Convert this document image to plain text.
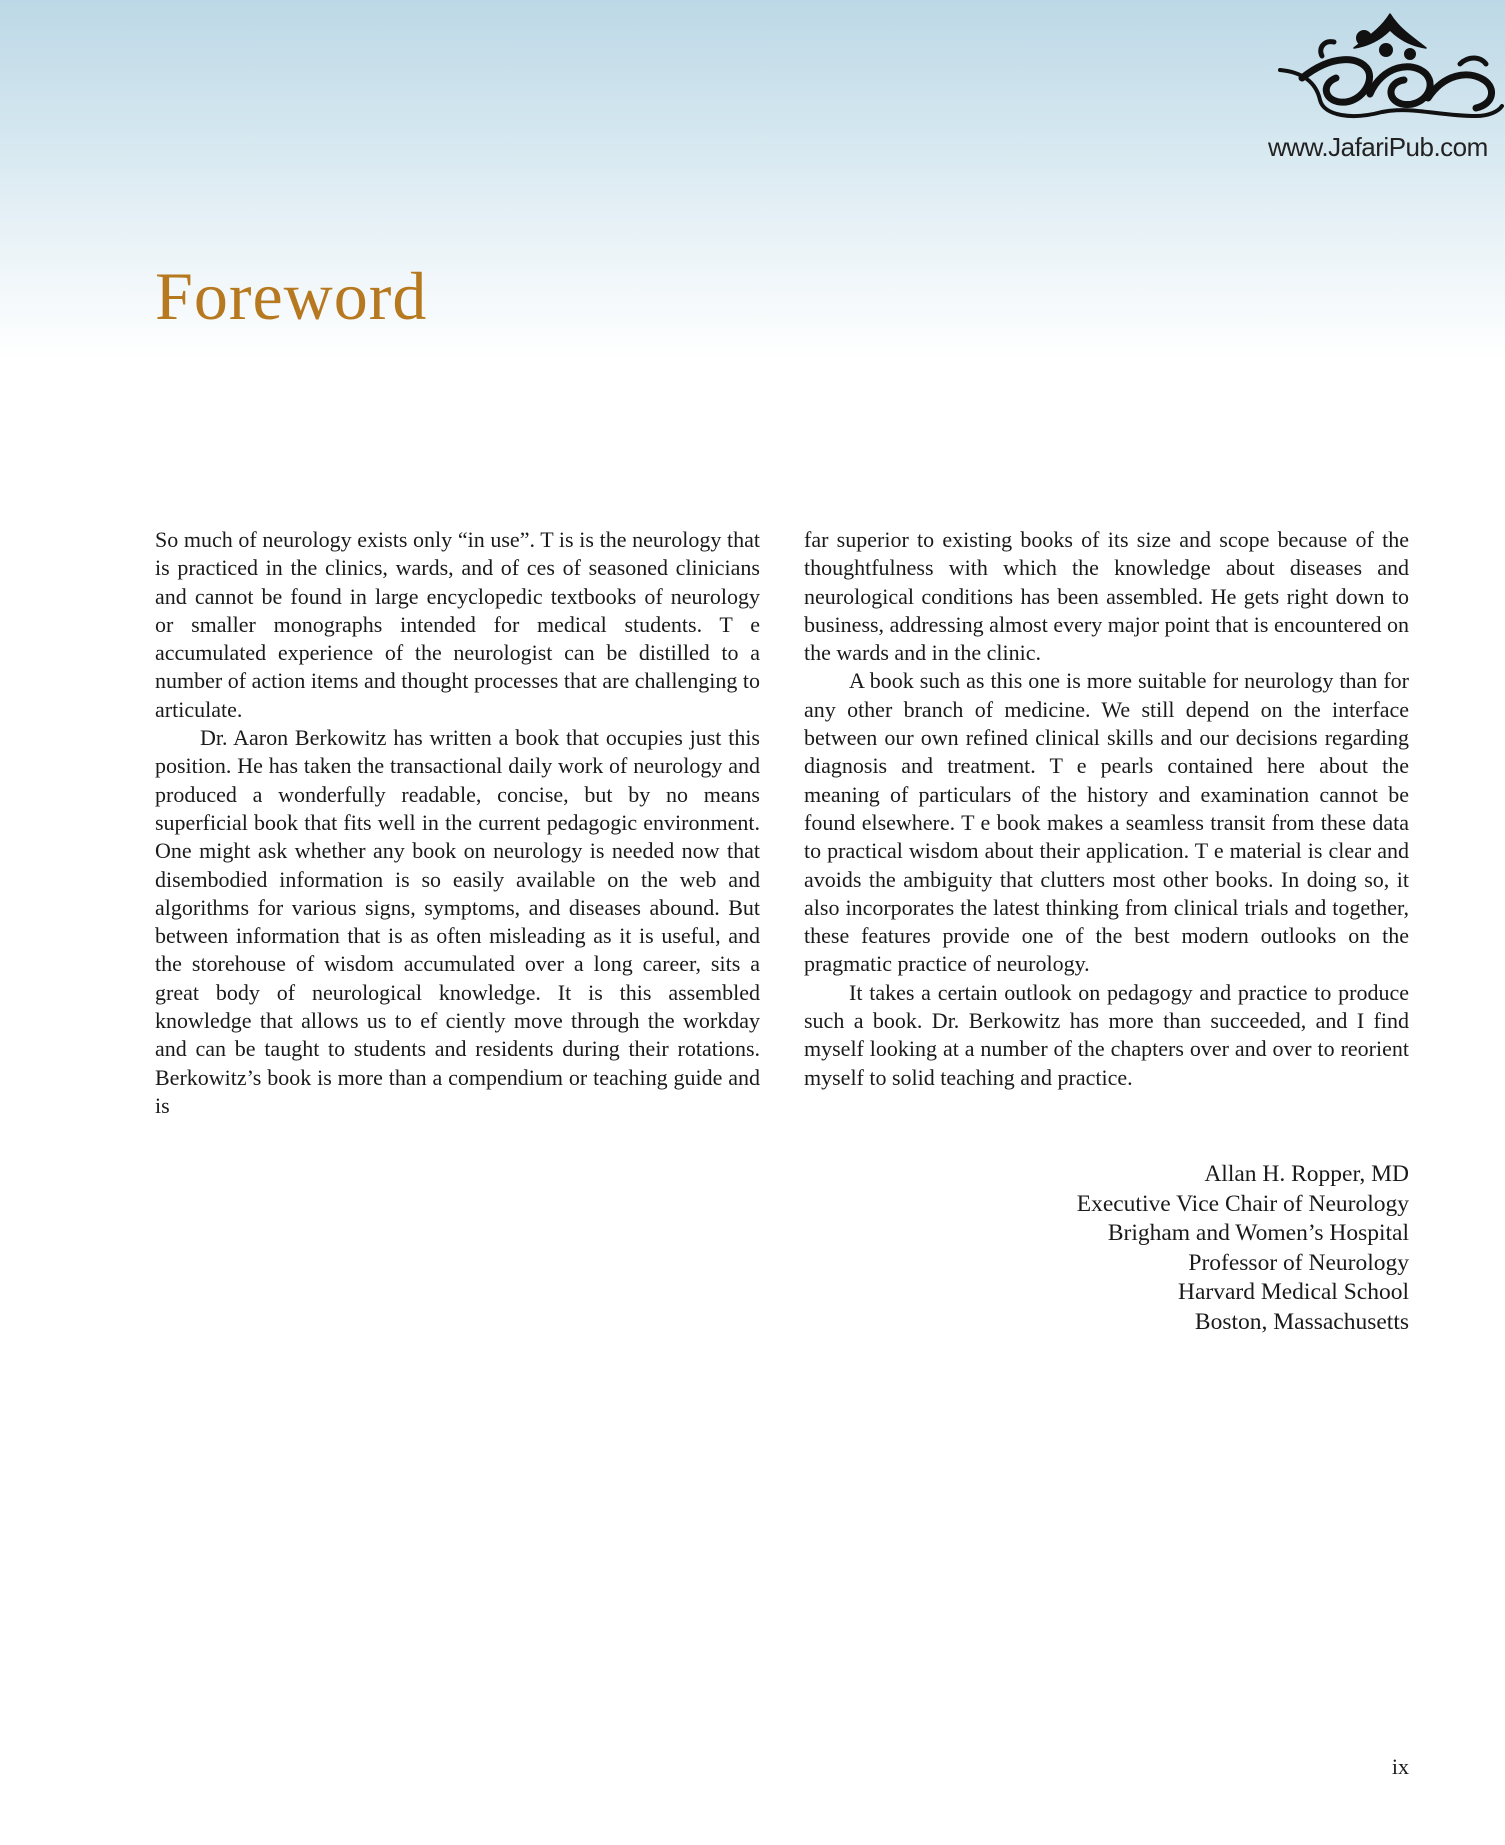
www.JafariPub.com
Foreword

So much of neurology exists only “in use”. T is is the neurology that is practiced in the clinics, wards, and of ces of seasoned clinicians and cannot be found in large encyclopedic textbooks of neurology or smaller monographs intended for medical students. T e accumulated experience of the neurologist can be distilled to a number of action items and thought processes that are challenging to articulate.

Dr. Aaron Berkowitz has written a book that occupies just this position. He has taken the transactional daily work of neurology and produced a wonderfully readable, concise, but by no means superficial book that fits well in the current pedagogic environment. One might ask whether any book on neurology is needed now that disembodied information is so easily available on the web and algorithms for various signs, symptoms, and diseases abound. But between information that is as often misleading as it is useful, and the storehouse of wisdom accumulated over a long career, sits a great body of neurological knowledge. It is this assembled knowledge that allows us to ef ciently move through the workday and can be taught to students and residents during their rotations. Berkowitz’s book is more than a compendium or teaching guide and is

far superior to existing books of its size and scope because of the thoughtfulness with which the knowledge about diseases and neurological conditions has been assembled. He gets right down to business, addressing almost every major point that is encountered on the wards and in the clinic.

A book such as this one is more suitable for neurology than for any other branch of medicine. We still depend on the interface between our own refined clinical skills and our decisions regarding diagnosis and treatment. T e pearls contained here about the meaning of particulars of the history and examination cannot be found elsewhere. T e book makes a seamless transit from these data to practical wisdom about their application. T e material is clear and avoids the ambiguity that clutters most other books. In doing so, it also incorporates the latest thinking from clinical trials and together, these features provide one of the best modern outlooks on the pragmatic practice of neurology.

It takes a certain outlook on pedagogy and practice to produce such a book. Dr. Berkowitz has more than succeeded, and I find myself looking at a number of the chapters over and over to reorient myself to solid teaching and practice.

Allan H. Ropper, MD
Executive Vice Chair of Neurology
Brigham and Women’s Hospital
Professor of Neurology
Harvard Medical School
Boston, Massachusetts
ix
